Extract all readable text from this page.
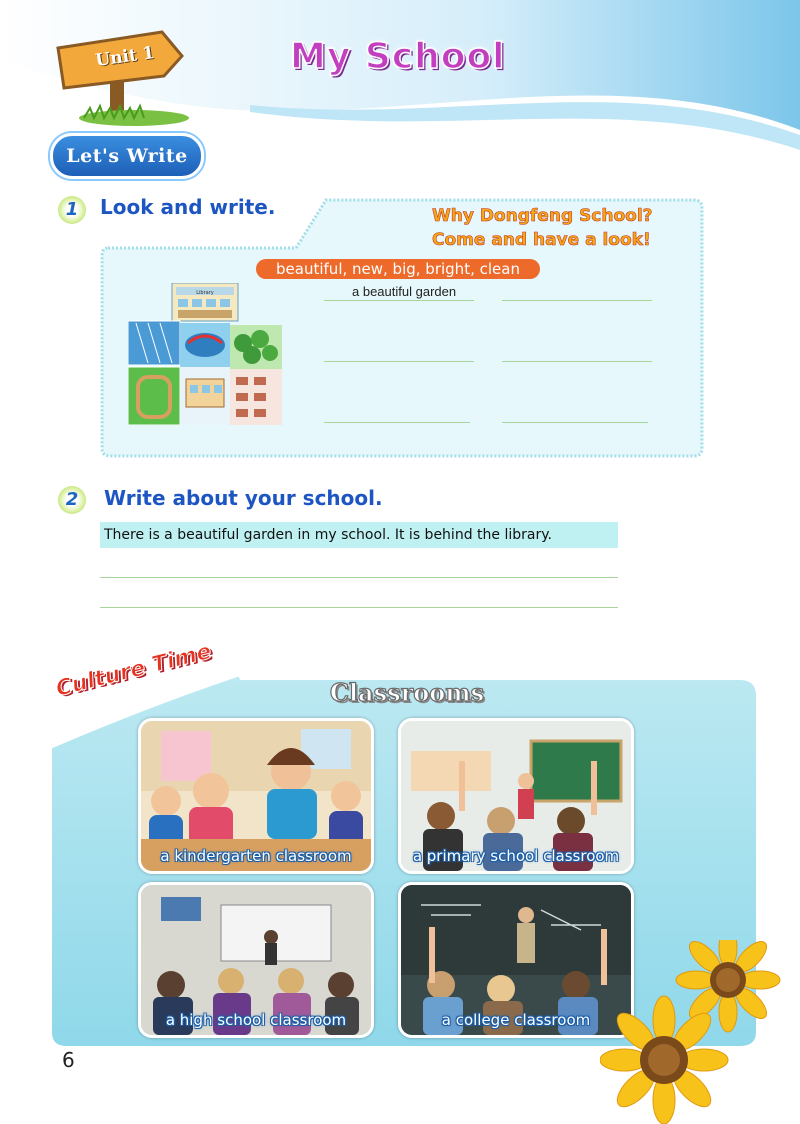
Unit 1	My School
Let's Write
1	Look and write.	Why Dongfeng School?
Come and have a look!
beautiful, new, big, bright, clean
Library	a beautiful garden
2	Write about your school.
There is a beautiful garden in my school. It is behind the library.
Culture Time	Classrooms
a kindergarten classroom	a primary school classroom
a high school classroom	a college classroom
6
